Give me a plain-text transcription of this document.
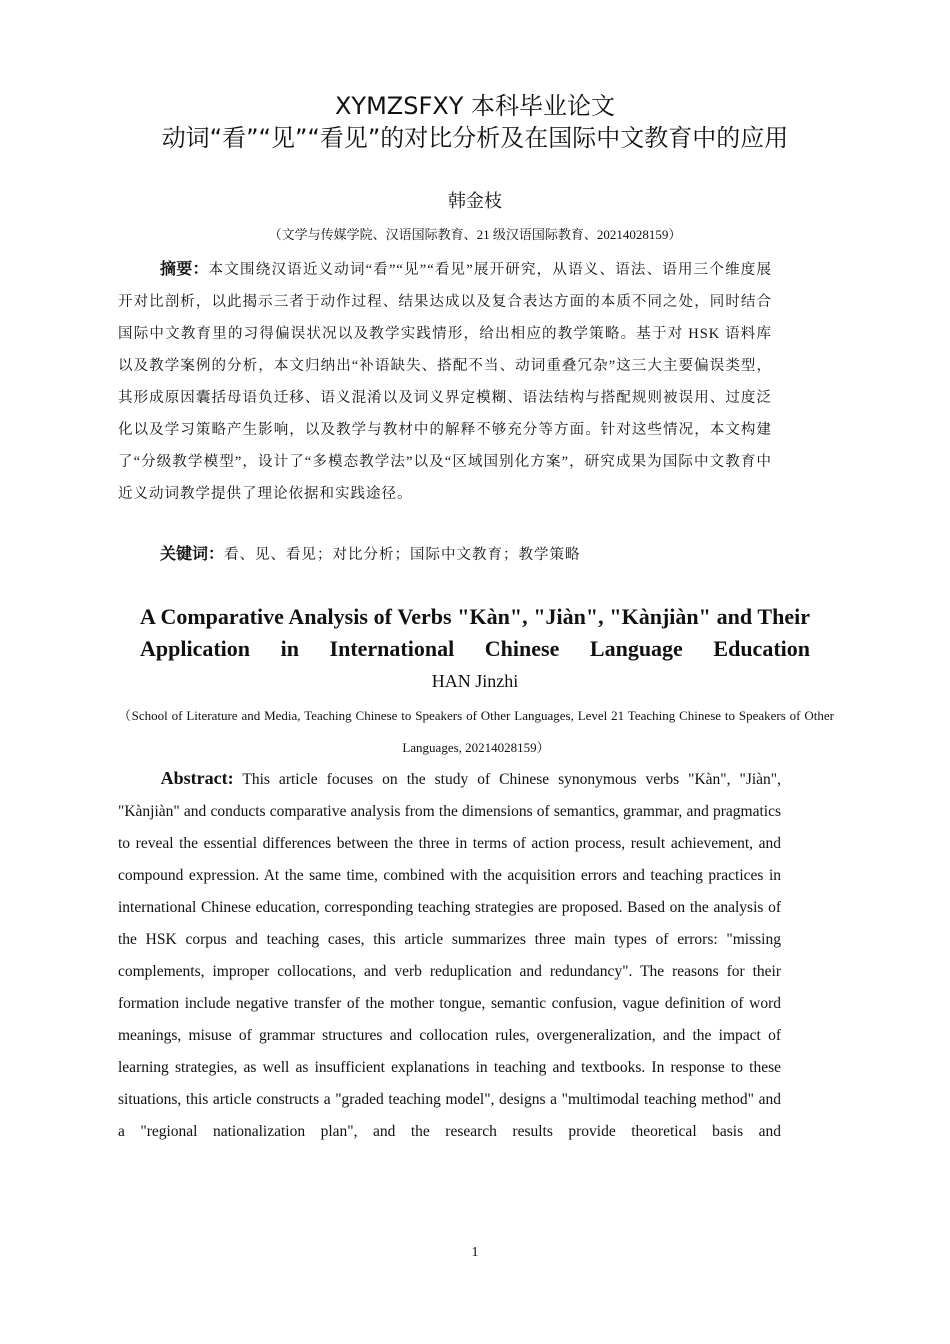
XYMZSFXY 本科毕业论文
动词“看”“见”“看见”的对比分析及在国际中文教育中的应用
韩金枝
（文学与传媒学院、汉语国际教育、21 级汉语国际教育、20214028159）
摘要：本文围绕汉语近义动词“看”“见”“看见”展开研究，从语义、语法、语用三个维度展开对比剖析，以此揭示三者于动作过程、结果达成以及复合表达方面的本质不同之处，同时结合国际中文教育里的习得偏误状况以及教学实践情形，给出相应的教学策略。基于对 HSK 语料库以及教学案例的分析，本文归纳出“补语缺失、搭配不当、动词重叠冗杂”这三大主要偏误类型，其形成原因囊括母语负迁移、语义混淆以及词义界定模糊、语法结构与搭配规则被误用、过度泛化以及学习策略产生影响，以及教学与教材中的解释不够充分等方面。针对这些情况，本文构建了“分级教学模型”，设计了“多模态教学法”以及“区域国别化方案”，研究成果为国际中文教育中近义动词教学提供了理论依据和实践途径。
关键词：看、见、看见；对比分析；国际中文教育；教学策略
A Comparative Analysis of Verbs "Kàn", "Jiàn", "Kànjiàn" and Their Application in International Chinese Language Education
HAN Jinzhi
（School of Literature and Media, Teaching Chinese to Speakers of Other Languages, Level 21 Teaching Chinese to Speakers of Other Languages, 20214028159）
Abstract: This article focuses on the study of Chinese synonymous verbs "Kàn", "Jiàn", "Kànjiàn" and conducts comparative analysis from the dimensions of semantics, grammar, and pragmatics to reveal the essential differences between the three in terms of action process, result achievement, and compound expression. At the same time, combined with the acquisition errors and teaching practices in international Chinese education, corresponding teaching strategies are proposed. Based on the analysis of the HSK corpus and teaching cases, this article summarizes three main types of errors: "missing complements, improper collocations, and verb reduplication and redundancy". The reasons for their formation include negative transfer of the mother tongue, semantic confusion, vague definition of word meanings, misuse of grammar structures and collocation rules, overgeneralization, and the impact of learning strategies, as well as insufficient explanations in teaching and textbooks. In response to these situations, this article constructs a "graded teaching model", designs a "multimodal teaching method" and a "regional nationalization plan", and the research results provide theoretical basis and
1
